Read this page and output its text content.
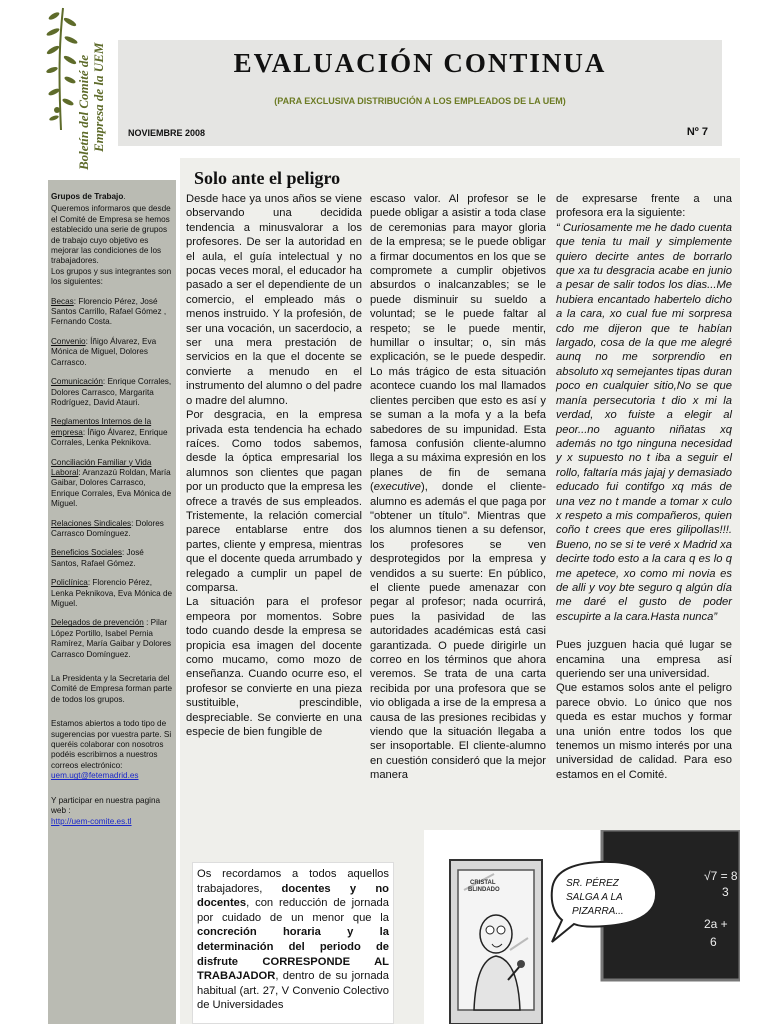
Boletín del Comité de Empresa de la UEM	EVALUACIÓN CONTINUA
(PARA EXCLUSIVA DISTRIBUCIÓN A LOS EMPLEADOS DE LA UEM)
NOVIEMBRE 2008	Nº 7

Grupos de Trabajo.

Queremos informaros que desde el Comité de Empresa se hemos establecido una serie de grupos de trabajo cuyo objetivo es mejorar las condiciones de los trabajadores.

Los grupos y sus integrantes son los siguientes:

Becas: Florencio Pérez, José Santos Carrillo, Rafael Gómez , Fernando Costa.

Convenio: Íñigo Álvarez, Eva Mónica de Miguel, Dolores Carrasco.

Comunicación: Enrique Corrales, Dolores Carrasco, Margarita Rodríguez, David Atauri.

Reglamentos Internos de la empresa: Íñigo Álvarez, Enrique Corrales, Lenka Peknikova.

Conciliación Familiar y Vida Laboral: Aranzazú Roldan, María Gaibar, Dolores Carrasco, Enrique Corrales, Eva Mónica de Miguel.

Relaciones Sindicales: Dolores Carrasco Domínguez.

Beneficios Sociales: José Santos, Rafael Gómez.

Policlínica: Florencio Pérez, Lenka Peknikova, Eva Mónica de Miguel.

Delegados de prevención : Pilar López Portillo, Isabel Pernia Ramírez, María Gaibar y Dolores Carrasco Domínguez.

La Presidenta y la Secretaria del Comité de Empresa forman parte de todos los grupos.

Estamos abiertos a todo tipo de sugerencias por vuestra parte. Si queréis colaborar con nosotros podéis escribirnos a nuestros correos electrónico:
uem.ugt@fetemadrid.es

Y participar en nuestra pagina web :
http://uem-comite.es.tl

Solo ante el peligro
Desde hace ya unos años se viene observando una decidida tendencia a minusvalorar a los profesores. De ser la autoridad en el aula, el guía intelectual y no pocas veces moral, el educador ha pasado a ser el dependiente de un comercio, el empleado más o menos instruido. Y la profesión, de ser una vocación, un sacerdocio, a ser una mera prestación de servicios en la que el docente se convierte a menudo en el instrumento del alumno o del padre o madre del alumno.
Por desgracia, en la empresa privada esta tendencia ha echado raíces. Como todos sabemos, desde la óptica empresarial los alumnos son clientes que pagan por un producto que la empresa les ofrece a través de sus empleados. Tristemente, la relación comercial parece entablarse entre dos partes, cliente y empresa, mientras que el docente queda arrumbado y relegado a cumplir un papel de comparsa.
La situación para el profesor empeora por momentos. Sobre todo cuando desde la empresa se propicia esa imagen del docente como mucamo, como mozo de enseñanza. Cuando ocurre eso, el profesor se convierte en una pieza sustituible, prescindible, despreciable. Se convierte en una especie de bien fungible de
escaso valor. Al profesor se le puede obligar a asistir a toda clase de ceremonias para mayor gloria de la empresa; se le puede obligar a firmar documentos en los que se compromete a cumplir objetivos absurdos o inalcanzables; se le puede disminuir su sueldo a voluntad; se le puede faltar al respeto; se le puede mentir, humillar o insultar; o, sin más explicación, se le puede despedir. Lo más trágico de esta situación acontece cuando los mal llamados clientes perciben que esto es así y se suman a la mofa y a la befa sabedores de su impunidad. Esta famosa confusión cliente-alumno llega a su máxima expresión en los planes de fin de semana (executive), donde el cliente-alumno es además el que paga por "obtener un título". Mientras que los alumnos tienen a su defensor, los profesores se ven desprotegidos por la empresa y vendidos a su suerte: En público, el cliente puede amenazar con pegar al profesor; nada ocurrirá, pues la pasividad de las autoridades académicas está casi garantizada. O puede dirigirle un correo en los términos que ahora veremos. Se trata de una carta recibida por una profesora que se vio obligada a irse de la empresa a causa de las presiones recibidas y viendo que la situación llegaba a ser insoportable. El cliente-alumno en cuestión consideró que la mejor manera
de expresarse frente a una profesora era la siguiente:
“ Curiosamente me he dado cuenta que tenia tu mail y simplemente quiero decirte antes de borrarlo que xa tu desgracia acabe en junio a pesar de salir todos los dias...Me hubiera encantado habertelo dicho a la cara, xo cual fue mi sorpresa cdo me dijeron que te habían largado, cosa de la que me alegré aunq no me sorprendio en absoluto xq semejantes tipas duran poco en cualquier sitio,No se que manía persecutoria t dio x mi la verdad, xo fuiste a elegir al peor...no aguanto niñatas xq además no tgo ninguna necesidad y x supuesto no t iba a seguir el rollo, faltaría más jajaj y demasiado educado fui contifgo xq más de una vez no t mande a tomar x culo x respeto a mis compañeros, quien coño t crees que eres gilipollas!!!. Bueno, no se si te veré x Madrid xa decirte todo esto a la cara q es lo q me apetece, xo como mi novia es de alli y voy bte seguro q algún día me daré el gusto de poder escupirte a la cara.Hasta nunca”
Pues juzguen hacia qué lugar se encamina una empresa así queriendo ser una universidad.
Que estamos solos ante el peligro parece obvio. Lo único que nos queda es estar muchos y formar una unión entre todos los que tenemos un mismo interés por una universidad de calidad. Para eso estamos en el Comité.
Os recordamos a todos aquellos trabajadores, docentes y no docentes, con reducción de jornada por cuidado de un menor que la concreción horaria y la determinación del periodo de disfrute CORRESPONDE AL TRABAJADOR, dentro de su jornada habitual (art. 27, V Convenio Colectivo de Universidades
√7 = 8
3
2a +
6
CRISTAL
BLINDADO
SR. PÉREZ
SALGA A LA
PIZARRA...
